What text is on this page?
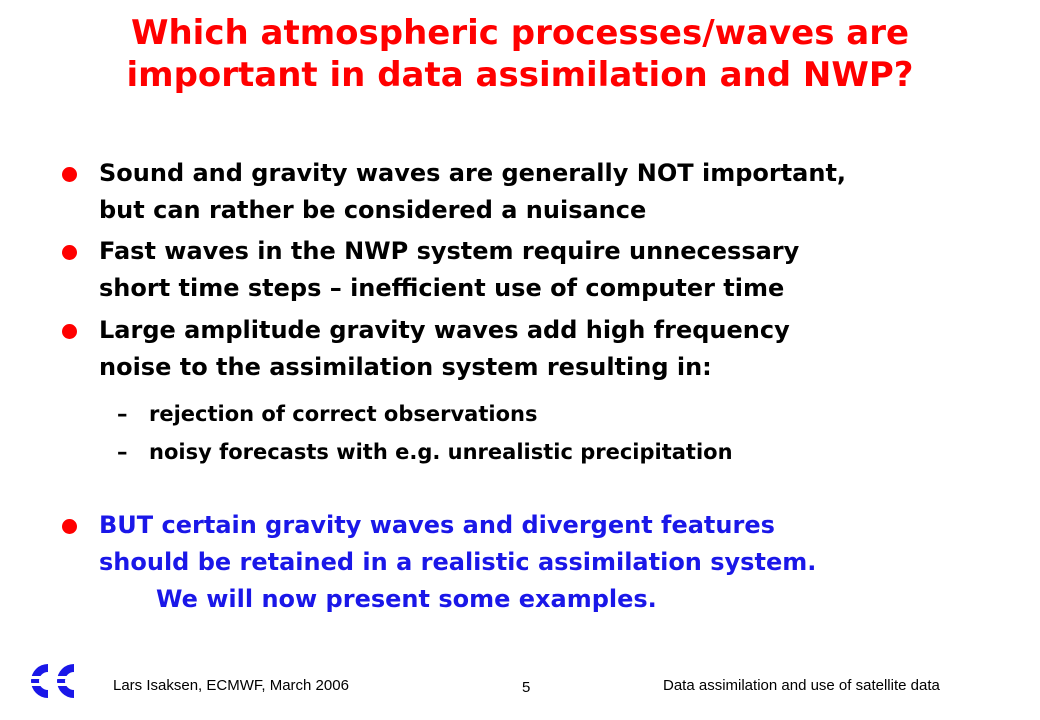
Which atmospheric processes/waves are
important in data assimilation and NWP?
Sound and gravity waves are generally NOT important,
but can rather be considered a nuisance
Fast waves in the NWP system require unnecessary
short time steps – inefficient use of computer time
Large amplitude gravity waves add high frequency
noise to the assimilation system resulting in:
– rejection of correct observations
– noisy forecasts with e.g. unrealistic precipitation
BUT certain gravity waves and divergent features
should be retained in a realistic assimilation system.
We will now present some examples.
Lars Isaksen, ECMWF, March 2006	5	Data assimilation and use of satellite data
